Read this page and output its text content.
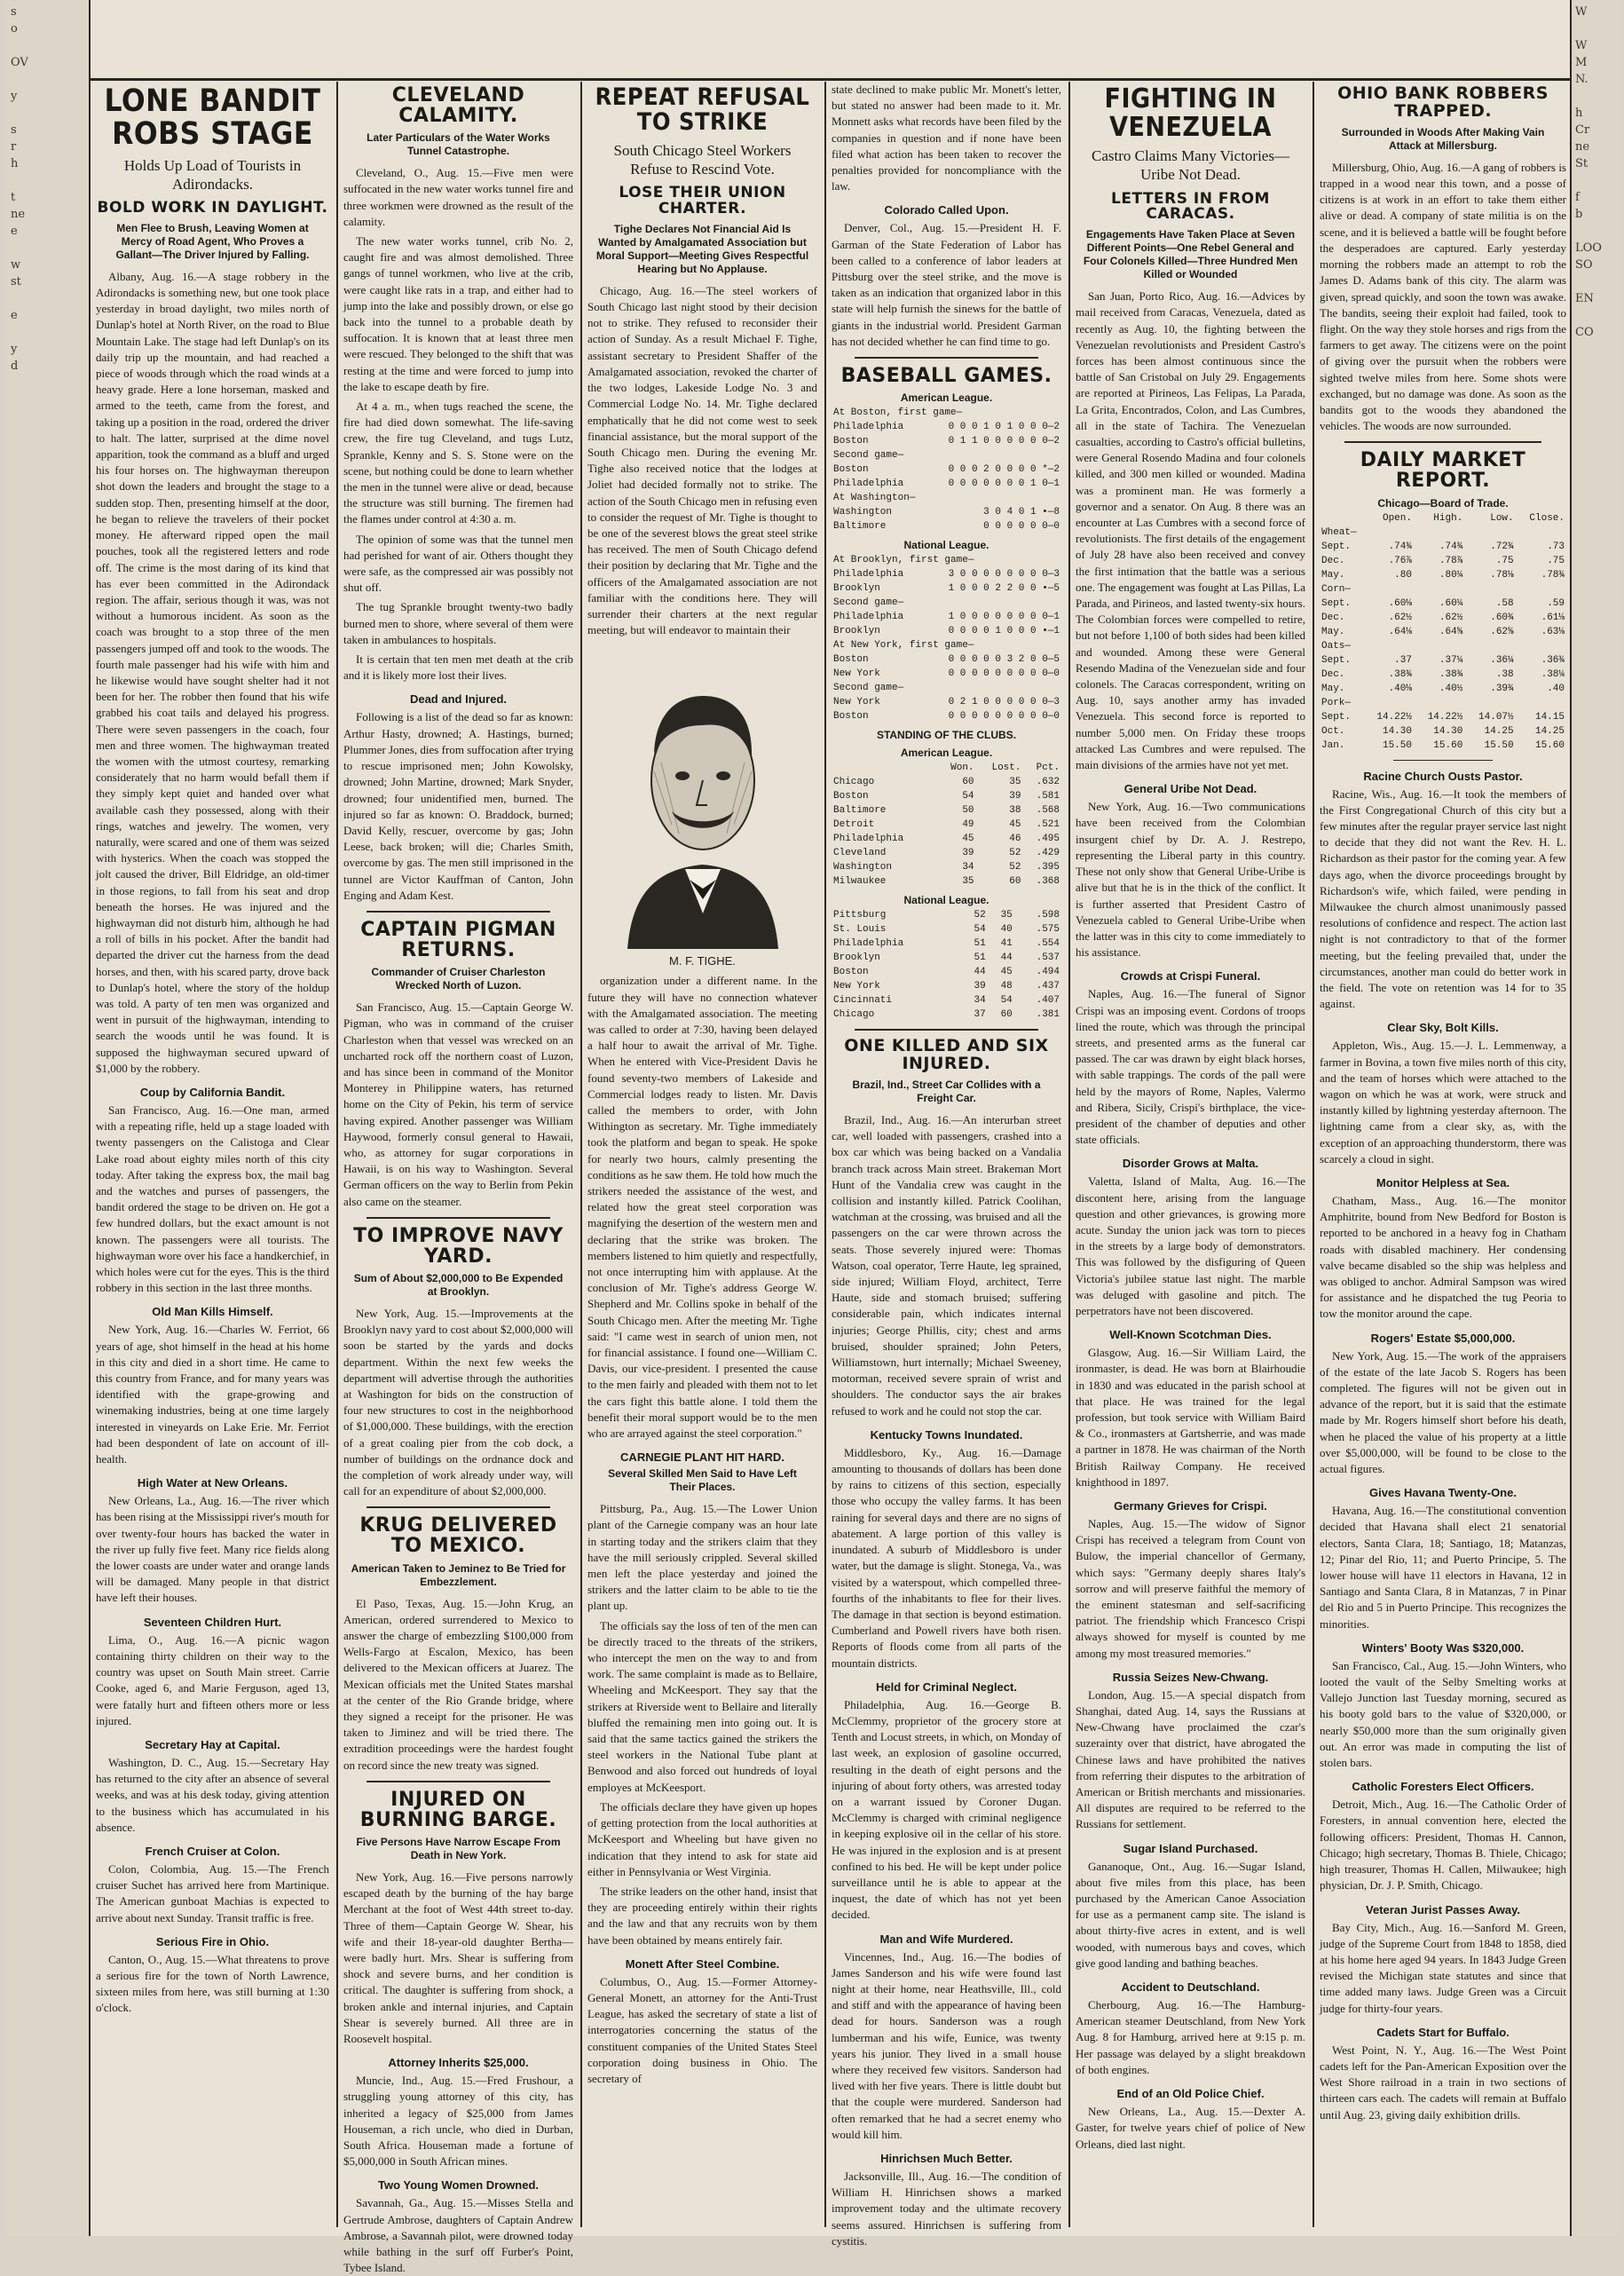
s
o

OV

y

s
r
h

t
ne
e

w
st

e

y
d
W

W
M
N.

h
Cr
ne
St

f
b

LOO
SO

EN

CO
LONE BANDIT ROBS STAGE
Holds Up Load of Tourists in Adirondacks.
BOLD WORK IN DAYLIGHT.
Men Flee to Brush, Leaving Women at Mercy of Road Agent, Who Proves a Gallant—The Driver Injured by Falling.

Albany, Aug. 16.—A stage robbery in the Adirondacks is something new, but one took place yesterday in broad daylight, two miles north of Dunlap's hotel at North River, on the road to Blue Mountain Lake. The stage had left Dunlap's on its daily trip up the mountain, and had reached a piece of woods through which the road winds at a heavy grade. Here a lone horseman, masked and armed to the teeth, came from the forest, and taking up a position in the road, ordered the driver to halt. The latter, surprised at the dime novel apparition, took the command as a bluff and urged his four horses on. The highwayman thereupon shot down the leaders and brought the stage to a sudden stop. Then, presenting himself at the door, he began to relieve the travelers of their pocket money. He afterward ripped open the mail pouches, took all the registered letters and rode off. The crime is the most daring of its kind that has ever been committed in the Adirondack region. The affair, serious though it was, was not without a humorous incident. As soon as the coach was brought to a stop three of the men passengers jumped off and took to the woods. The fourth male passenger had his wife with him and he likewise would have sought shelter had it not been for her. The robber then found that his wife grabbed his coat tails and delayed his progress. There were seven passengers in the coach, four men and three women. The highwayman treated the women with the utmost courtesy, remarking considerately that no harm would befall them if they simply kept quiet and handed over what available cash they possessed, along with their rings, watches and jewelry. The women, very naturally, were scared and one of them was seized with hysterics. When the coach was stopped the jolt caused the driver, Bill Eldridge, an old-timer in those regions, to fall from his seat and drop beneath the horses. He was injured and the highwayman did not disturb him, although he had a roll of bills in his pocket. After the bandit had departed the driver cut the harness from the dead horses, and then, with his scared party, drove back to Dunlap's hotel, where the story of the holdup was told. A party of ten men was organized and went in pursuit of the highwayman, intending to search the woods until he was found. It is supposed the highwayman secured upward of $1,000 by the robbery.

Coup by California Bandit.

San Francisco, Aug. 16.—One man, armed with a repeating rifle, held up a stage loaded with twenty passengers on the Calistoga and Clear Lake road about eighty miles north of this city today. After taking the express box, the mail bag and the watches and purses of passengers, the bandit ordered the stage to be driven on. He got a few hundred dollars, but the exact amount is not known. The passengers were all tourists. The highwayman wore over his face a handkerchief, in which holes were cut for the eyes. This is the third robbery in this section in the last three months.

Old Man Kills Himself.

New York, Aug. 16.—Charles W. Ferriot, 66 years of age, shot himself in the head at his home in this city and died in a short time. He came to this country from France, and for many years was identified with the grape-growing and winemaking industries, being at one time largely interested in vineyards on Lake Erie. Mr. Ferriot had been despondent of late on account of ill-health.

High Water at New Orleans.

New Orleans, La., Aug. 16.—The river which has been rising at the Mississippi river's mouth for over twenty-four hours has backed the water in the river up fully five feet. Many rice fields along the lower coasts are under water and orange lands will be damaged. Many people in that district have left their houses.

Seventeen Children Hurt.

Lima, O., Aug. 16.—A picnic wagon containing thirty children on their way to the country was upset on South Main street. Carrie Cooke, aged 6, and Marie Ferguson, aged 13, were fatally hurt and fifteen others more or less injured.

Secretary Hay at Capital.

Washington, D. C., Aug. 15.—Secretary Hay has returned to the city after an absence of several weeks, and was at his desk today, giving attention to the business which has accumulated in his absence.

French Cruiser at Colon.

Colon, Colombia, Aug. 15.—The French cruiser Suchet has arrived here from Martinique. The American gunboat Machias is expected to arrive about next Sunday. Transit traffic is free.

Serious Fire in Ohio.

Canton, O., Aug. 15.—What threatens to prove a serious fire for the town of North Lawrence, sixteen miles from here, was still burning at 1:30 o'clock.

CLEVELAND CALAMITY.
Later Particulars of the Water Works Tunnel Catastrophe.

Cleveland, O., Aug. 15.—Five men were suffocated in the new water works tunnel fire and three workmen were drowned as the result of the calamity.

The new water works tunnel, crib No. 2, caught fire and was almost demolished. Three gangs of tunnel workmen, who live at the crib, were caught like rats in a trap, and either had to jump into the lake and possibly drown, or else go back into the tunnel to a probable death by suffocation. It is known that at least three men were rescued. They belonged to the shift that was resting at the time and were forced to jump into the lake to escape death by fire.

At 4 a. m., when tugs reached the scene, the fire had died down somewhat. The life-saving crew, the fire tug Cleveland, and tugs Lutz, Sprankle, Kenny and S. S. Stone were on the scene, but nothing could be done to learn whether the men in the tunnel were alive or dead, because the structure was still burning. The firemen had the flames under control at 4:30 a. m.

The opinion of some was that the tunnel men had perished for want of air. Others thought they were safe, as the compressed air was possibly not shut off.

The tug Sprankle brought twenty-two badly burned men to shore, where several of them were taken in ambulances to hospitals.

It is certain that ten men met death at the crib and it is likely more lost their lives.

Dead and Injured.

Following is a list of the dead so far as known: Arthur Hasty, drowned; A. Hastings, burned; Plummer Jones, dies from suffocation after trying to rescue imprisoned men; John Kowolsky, drowned; John Martine, drowned; Mark Snyder, drowned; four unidentified men, burned. The injured so far as known: O. Braddock, burned; David Kelly, rescuer, overcome by gas; John Leese, back broken; will die; Charles Smith, overcome by gas. The men still imprisoned in the tunnel are Victor Kauffman of Canton, John Enging and Adam Kest.

CAPTAIN PIGMAN RETURNS.
Commander of Cruiser Charleston Wrecked North of Luzon.

San Francisco, Aug. 15.—Captain George W. Pigman, who was in command of the cruiser Charleston when that vessel was wrecked on an uncharted rock off the northern coast of Luzon, and has since been in command of the Monitor Monterey in Philippine waters, has returned home on the City of Pekin, his term of service having expired. Another passenger was William Haywood, formerly consul general to Hawaii, who, as attorney for sugar corporations in Hawaii, is on his way to Washington. Several German officers on the way to Berlin from Pekin also came on the steamer.

TO IMPROVE NAVY YARD.
Sum of About $2,000,000 to Be Expended at Brooklyn.

New York, Aug. 15.—Improvements at the Brooklyn navy yard to cost about $2,000,000 will soon be started by the yards and docks department. Within the next few weeks the department will advertise through the authorities at Washington for bids on the construction of four new structures to cost in the neighborhood of $1,000,000. These buildings, with the erection of a great coaling pier from the cob dock, a number of buildings on the ordnance dock and the completion of work already under way, will call for an expenditure of about $2,000,000.

KRUG DELIVERED TO MEXICO.
American Taken to Jeminez to Be Tried for Embezzlement.

El Paso, Texas, Aug. 15.—John Krug, an American, ordered surrendered to Mexico to answer the charge of embezzling $100,000 from Wells-Fargo at Escalon, Mexico, has been delivered to the Mexican officers at Juarez. The Mexican officials met the United States marshal at the center of the Rio Grande bridge, where they signed a receipt for the prisoner. He was taken to Jiminez and will be tried there. The extradition proceedings were the hardest fought on record since the new treaty was signed.

INJURED ON BURNING BARGE.
Five Persons Have Narrow Escape From Death in New York.

New York, Aug. 16.—Five persons narrowly escaped death by the burning of the hay barge Merchant at the foot of West 44th street to-day. Three of them—Captain George W. Shear, his wife and their 18-year-old daughter Bertha—were badly hurt. Mrs. Shear is suffering from shock and severe burns, and her condition is critical. The daughter is suffering from shock, a broken ankle and internal injuries, and Captain Shear is severely burned. All three are in Roosevelt hospital.

Attorney Inherits $25,000.

Muncie, Ind., Aug. 15.—Fred Frushour, a struggling young attorney of this city, has inherited a legacy of $25,000 from James Houseman, a rich uncle, who died in Durban, South Africa. Houseman made a fortune of $5,000,000 in South African mines.

Two Young Women Drowned.

Savannah, Ga., Aug. 15.—Misses Stella and Gertrude Ambrose, daughters of Captain Andrew Ambrose, a Savannah pilot, were drowned today while bathing in the surf off Furber's Point, Tybee Island.

REPEAT REFUSAL TO STRIKE
South Chicago Steel Workers Refuse to Rescind Vote.
LOSE THEIR UNION CHARTER.
Tighe Declares Not Financial Aid Is Wanted by Amalgamated Association but Moral Support—Meeting Gives Respectful Hearing but No Applause.

Chicago, Aug. 16.—The steel workers of South Chicago last night stood by their decision not to strike. They refused to reconsider their action of Sunday. As a result Michael F. Tighe, assistant secretary to President Shaffer of the Amalgamated association, revoked the charter of the two lodges, Lakeside Lodge No. 3 and Commercial Lodge No. 14. Mr. Tighe declared emphatically that he did not come west to seek financial assistance, but the moral support of the South Chicago men. During the evening Mr. Tighe also received notice that the lodges at Joliet had decided formally not to strike. The action of the South Chicago men in refusing even to consider the request of Mr. Tighe is thought to be one of the severest blows the great steel strike has received. The men of South Chicago defend their position by declaring that Mr. Tighe and the officers of the Amalgamated association are not familiar with the conditions here. They will surrender their charters at the next regular meeting, but will endeavor to maintain their

M. F. TIGHE.

organization under a different name. In the future they will have no connection whatever with the Amalgamated association. The meeting was called to order at 7:30, having been delayed a half hour to await the arrival of Mr. Tighe. When he entered with Vice-President Davis he found seventy-two members of Lakeside and Commercial lodges ready to listen. Mr. Davis called the members to order, with John Withington as secretary. Mr. Tighe immediately took the platform and began to speak. He spoke for nearly two hours, calmly presenting the conditions as he saw them. He told how much the strikers needed the assistance of the west, and related how the great steel corporation was magnifying the desertion of the western men and declaring that the strike was broken. The members listened to him quietly and respectfully, not once interrupting him with applause. At the conclusion of Mr. Tighe's address George W. Shepherd and Mr. Collins spoke in behalf of the South Chicago men. After the meeting Mr. Tighe said: "I came west in search of union men, not for financial assistance. I found one—William C. Davis, our vice-president. I presented the cause to the men fairly and pleaded with them not to let the cars fight this battle alone. I told them the benefit their moral support would be to the men who are arrayed against the steel corporation."

CARNEGIE PLANT HIT HARD.
Several Skilled Men Said to Have Left Their Places.

Pittsburg, Pa., Aug. 15.—The Lower Union plant of the Carnegie company was an hour late in starting today and the strikers claim that they have the mill seriously crippled. Several skilled men left the place yesterday and joined the strikers and the latter claim to be able to tie the plant up.

The officials say the loss of ten of the men can be directly traced to the threats of the strikers, who intercept the men on the way to and from work. The same complaint is made as to Bellaire, Wheeling and McKeesport. They say that the strikers at Riverside went to Bellaire and literally bluffed the remaining men into going out. It is said that the same tactics gained the strikers the steel workers in the National Tube plant at Benwood and also forced out hundreds of loyal employes at McKeesport.

The officials declare they have given up hopes of getting protection from the local authorities at McKeesport and Wheeling but have given no indication that they intend to ask for state aid either in Pennsylvania or West Virginia.

The strike leaders on the other hand, insist that they are proceeding entirely within their rights and the law and that any recruits won by them have been obtained by means entirely fair.

Monett After Steel Combine.

Columbus, O., Aug. 15.—Former Attorney-General Monett, an attorney for the Anti-Trust League, has asked the secretary of state a list of interrogatories concerning the status of the constituent companies of the United States Steel corporation doing business in Ohio. The secretary of

state declined to make public Mr. Monett's letter, but stated no answer had been made to it. Mr. Monnett asks what records have been filed by the companies in question and if none have been filed what action has been taken to recover the penalties provided for noncompliance with the law.

Colorado Called Upon.

Denver, Col., Aug. 15.—President H. F. Garman of the State Federation of Labor has been called to a conference of labor leaders at Pittsburg over the steel strike, and the move is taken as an indication that organized labor in this state will help furnish the sinews for the battle of giants in the industrial world. President Garman has not decided whether he can find time to go.

BASEBALL GAMES.
American League.
At Boston, first game—	
Philadelphia	0 0 0 1 0 1 0 0 0—2
Boston	0 1 1 0 0 0 0 0 0—2
Second game—	
Boston	0 0 0 2 0 0 0 0 *—2
Philadelphia	0 0 0 0 0 0 0 1 0—1
At Washington—	
Washington	3 0 4 0 1 •—8
Baltimore	0 0 0 0 0 0—0
National League.
At Brooklyn, first game—	
Philadelphia	3 0 0 0 0 0 0 0 0—3
Brooklyn	1 0 0 0 2 2 0 0 •—5
Second game—	
Philadelphia	1 0 0 0 0 0 0 0 0—1
Brooklyn	0 0 0 0 1 0 0 0 •—1
At New York, first game—	
Boston	0 0 0 0 0 3 2 0 0—5
New York	0 0 0 0 0 0 0 0 0—0
Second game—	
New York	0 2 1 0 0 0 0 0 0—3
Boston	0 0 0 0 0 0 0 0 0—0
STANDING OF THE CLUBS.
American League.
	Won.	Lost.	Pct.
Chicago	60	35	.632
Boston	54	39	.581
Baltimore	50	38	.568
Detroit	49	45	.521
Philadelphia	45	46	.495
Cleveland	39	52	.429
Washington	34	52	.395
Milwaukee	35	60	.368
National League.
Pittsburg	52	35	.598
St. Louis	54	40	.575
Philadelphia	51	41	.554
Brooklyn	51	44	.537
Boston	44	45	.494
New York	39	48	.437
Cincinnati	34	54	.407
Chicago	37	60	.381
ONE KILLED AND SIX INJURED.
Brazil, Ind., Street Car Collides with a Freight Car.

Brazil, Ind., Aug. 16.—An interurban street car, well loaded with passengers, crashed into a box car which was being backed on a Vandalia branch track across Main street. Brakeman Mort Hunt of the Vandalia crew was caught in the collision and instantly killed. Patrick Coolihan, watchman at the crossing, was bruised and all the passengers on the car were thrown across the seats. Those severely injured were: Thomas Watson, coal operator, Terre Haute, leg sprained, side injured; William Floyd, architect, Terre Haute, side and stomach bruised; suffering considerable pain, which indicates internal injuries; George Phillis, city; chest and arms bruised, shoulder sprained; John Peters, Williamstown, hurt internally; Michael Sweeney, motorman, received severe sprain of wrist and shoulders. The conductor says the air brakes refused to work and he could not stop the car.

Kentucky Towns Inundated.

Middlesboro, Ky., Aug. 16.—Damage amounting to thousands of dollars has been done by rains to citizens of this section, especially those who occupy the valley farms. It has been raining for several days and there are no signs of abatement. A large portion of this valley is inundated. A suburb of Middlesboro is under water, but the damage is slight. Stonega, Va., was visited by a waterspout, which compelled three-fourths of the inhabitants to flee for their lives. The damage in that section is beyond estimation. Cumberland and Powell rivers have both risen. Reports of floods come from all parts of the mountain districts.

Held for Criminal Neglect.

Philadelphia, Aug. 16.—George B. McClemmy, proprietor of the grocery store at Tenth and Locust streets, in which, on Monday of last week, an explosion of gasoline occurred, resulting in the death of eight persons and the injuring of about forty others, was arrested today on a warrant issued by Coroner Dugan. McClemmy is charged with criminal negligence in keeping explosive oil in the cellar of his store. He was injured in the explosion and is at present confined to his bed. He will be kept under police surveillance until he is able to appear at the inquest, the date of which has not yet been decided.

Man and Wife Murdered.

Vincennes, Ind., Aug. 16.—The bodies of James Sanderson and his wife were found last night at their home, near Heathsville, Ill., cold and stiff and with the appearance of having been dead for hours. Sanderson was a rough lumberman and his wife, Eunice, was twenty years his junior. They lived in a small house where they received few visitors. Sanderson had lived with her five years. There is little doubt but that the couple were murdered. Sanderson had often remarked that he had a secret enemy who would kill him.

Hinrichsen Much Better.

Jacksonville, Ill., Aug. 16.—The condition of William H. Hinrichsen shows a marked improvement today and the ultimate recovery seems assured. Hinrichsen is suffering from cystitis.

FIGHTING IN VENEZUELA
Castro Claims Many Victories—Uribe Not Dead.
LETTERS IN FROM CARACAS.
Engagements Have Taken Place at Seven Different Points—One Rebel General and Four Colonels Killed—Three Hundred Men Killed or Wounded

San Juan, Porto Rico, Aug. 16.—Advices by mail received from Caracas, Venezuela, dated as recently as Aug. 10, the fighting between the Venezuelan revolutionists and President Castro's forces has been almost continuous since the battle of San Cristobal on July 29. Engagements are reported at Pirineos, Las Felipas, La Parada, La Grita, Encontrados, Colon, and Las Cumbres, all in the state of Tachira. The Venezuelan casualties, according to Castro's official bulletins, were General Rosendo Madina and four colonels killed, and 300 men killed or wounded. Madina was a prominent man. He was formerly a governor and a senator. On Aug. 8 there was an encounter at Las Cumbres with a second force of revolutionists. The first details of the engagement of July 28 have also been received and convey the first intimation that the battle was a serious one. The engagement was fought at Las Pillas, La Parada, and Pirineos, and lasted twenty-six hours. The Colombian forces were compelled to retire, but not before 1,100 of both sides had been killed and wounded. Among these were General Resendo Madina of the Venezuelan side and four colonels. The Caracas correspondent, writing on Aug. 10, says another army has invaded Venezuela. This second force is reported to number 5,000 men. On Friday these troops attacked Las Cumbres and were repulsed. The main divisions of the armies have not yet met.

General Uribe Not Dead.

New York, Aug. 16.—Two communications have been received from the Colombian insurgent chief by Dr. A. J. Restrepo, representing the Liberal party in this country. These not only show that General Uribe-Uribe is alive but that he is in the thick of the conflict. It is further asserted that President Castro of Venezuela cabled to General Uribe-Uribe when the latter was in this city to come immediately to his assistance.

Crowds at Crispi Funeral.

Naples, Aug. 16.—The funeral of Signor Crispi was an imposing event. Cordons of troops lined the route, which was through the principal streets, and presented arms as the funeral car passed. The car was drawn by eight black horses, with sable trappings. The cords of the pall were held by the mayors of Rome, Naples, Valermo and Ribera, Sicily, Crispi's birthplace, the vice-president of the chamber of deputies and other state officials.

Disorder Grows at Malta.

Valetta, Island of Malta, Aug. 16.—The discontent here, arising from the language question and other grievances, is growing more acute. Sunday the union jack was torn to pieces in the streets by a large body of demonstrators. This was followed by the disfiguring of Queen Victoria's jubilee statue last night. The marble was deluged with gasoline and pitch. The perpetrators have not been discovered.

Well-Known Scotchman Dies.

Glasgow, Aug. 16.—Sir William Laird, the ironmaster, is dead. He was born at Blairhoudie in 1830 and was educated in the parish school at that place. He was trained for the legal profession, but took service with William Baird & Co., ironmasters at Gartsherrie, and was made a partner in 1878. He was chairman of the North British Railway Company. He received knighthood in 1897.

Germany Grieves for Crispi.

Naples, Aug. 15.—The widow of Signor Crispi has received a telegram from Count von Bulow, the imperial chancellor of Germany, which says: "Germany deeply shares Italy's sorrow and will preserve faithful the memory of the eminent statesman and self-sacrificing patriot. The friendship which Francesco Crispi always showed for myself is counted by me among my most treasured memories."

Russia Seizes New-Chwang.

London, Aug. 15.—A special dispatch from Shanghai, dated Aug. 14, says the Russians at New-Chwang have proclaimed the czar's suzerainty over that district, have abrogated the Chinese laws and have prohibited the natives from referring their disputes to the arbitration of American or British merchants and missionaries. All disputes are required to be referred to the Russians for settlement.

Sugar Island Purchased.

Gananoque, Ont., Aug. 16.—Sugar Island, about five miles from this place, has been purchased by the American Canoe Association for use as a permanent camp site. The island is about thirty-five acres in extent, and is well wooded, with numerous bays and coves, which give good landing and bathing beaches.

Accident to Deutschland.

Cherbourg, Aug. 16.—The Hamburg-American steamer Deutschland, from New York Aug. 8 for Hamburg, arrived here at 9:15 p. m. Her passage was delayed by a slight breakdown of both engines.

End of an Old Police Chief.

New Orleans, La., Aug. 15.—Dexter A. Gaster, for twelve years chief of police of New Orleans, died last night.

OHIO BANK ROBBERS TRAPPED.
Surrounded in Woods After Making Vain Attack at Millersburg.

Millersburg, Ohio, Aug. 16.—A gang of robbers is trapped in a wood near this town, and a posse of citizens is at work in an effort to take them either alive or dead. A company of state militia is on the scene, and it is believed a battle will be fought before the desperadoes are captured. Early yesterday morning the robbers made an attempt to rob the James D. Adams bank of this city. The alarm was given, spread quickly, and soon the town was awake. The bandits, seeing their exploit had failed, took to flight. On the way they stole horses and rigs from the farmers to get away. The citizens were on the point of giving over the pursuit when the robbers were sighted twelve miles from here. Some shots were exchanged, but no damage was done. As soon as the bandits got to the woods they abandoned the vehicles. The woods are now surrounded.

DAILY MARKET REPORT.
Chicago—Board of Trade.
	Open.	High.	Low.	Close.
Wheat—				
Sept.	.74¾	.74¾	.72¾	.73
Dec.	.76⅞	.78⅞	.75	.75
May.	.80	.80¼	.78⅛	.78¾
Corn—				
Sept.	.60⅛	.60¼	.58	.59
Dec.	.62½	.62½	.60¾	.61⅛
May.	.64⅛	.64⅝	.62⅝	.63⅛
Oats—				
Sept.	.37	.37¼	.36¼	.36¾
Dec.	.38¾	.38¾	.38	.38¼
May.	.40⅛	.40½	.39¾	.40
Pork—				
Sept.	14.22½	14.22½	14.07½	14.15
Oct.	14.30	14.30	14.25	14.25
Jan.	15.50	15.60	15.50	15.60
Racine Church Ousts Pastor.

Racine, Wis., Aug. 16.—It took the members of the First Congregational Church of this city but a few minutes after the regular prayer service last night to decide that they did not want the Rev. H. L. Richardson as their pastor for the coming year. A few days ago, when the divorce proceedings brought by Richardson's wife, which failed, were pending in Milwaukee the church almost unanimously passed resolutions of confidence and respect. The action last night is not contradictory to that of the former meeting, but the feeling prevailed that, under the circumstances, another man could do better work in the field. The vote on retention was 14 for to 35 against.

Clear Sky, Bolt Kills.

Appleton, Wis., Aug. 15.—J. L. Lemmenway, a farmer in Bovina, a town five miles north of this city, and the team of horses which were attached to the wagon on which he was at work, were struck and instantly killed by lightning yesterday afternoon. The lightning came from a clear sky, as, with the exception of an approaching thunderstorm, there was scarcely a cloud in sight.

Monitor Helpless at Sea.

Chatham, Mass., Aug. 16.—The monitor Amphitrite, bound from New Bedford for Boston is reported to be anchored in a heavy fog in Chatham roads with disabled machinery. Her condensing valve became disabled so the ship was helpless and was obliged to anchor. Admiral Sampson was wired for assistance and he dispatched the tug Peoria to tow the monitor around the cape.

Rogers' Estate $5,000,000.

New York, Aug. 15.—The work of the appraisers of the estate of the late Jacob S. Rogers has been completed. The figures will not be given out in advance of the report, but it is said that the estimate made by Mr. Rogers himself short before his death, when he placed the value of his property at a little over $5,000,000, will be found to be close to the actual figures.

Gives Havana Twenty-One.

Havana, Aug. 16.—The constitutional convention decided that Havana shall elect 21 senatorial electors, Santa Clara, 18; Santiago, 18; Matanzas, 12; Pinar del Rio, 11; and Puerto Principe, 5. The lower house will have 11 electors in Havana, 12 in Santiago and Santa Clara, 8 in Matanzas, 7 in Pinar del Rio and 5 in Puerto Principe. This recognizes the minorities.

Winters' Booty Was $320,000.

San Francisco, Cal., Aug. 15.—John Winters, who looted the vault of the Selby Smelting works at Vallejo Junction last Tuesday morning, secured as his booty gold bars to the value of $320,000, or nearly $50,000 more than the sum originally given out. An error was made in computing the list of stolen bars.

Catholic Foresters Elect Officers.

Detroit, Mich., Aug. 16.—The Catholic Order of Foresters, in annual convention here, elected the following officers: President, Thomas H. Cannon, Chicago; high secretary, Thomas B. Thiele, Chicago; high treasurer, Thomas H. Callen, Milwaukee; high physician, Dr. J. P. Smith, Chicago.

Veteran Jurist Passes Away.

Bay City, Mich., Aug. 16.—Sanford M. Green, judge of the Supreme Court from 1848 to 1858, died at his home here aged 94 years. In 1843 Judge Green revised the Michigan state statutes and since that time added many laws. Judge Green was a Circuit judge for thirty-four years.

Cadets Start for Buffalo.

West Point, N. Y., Aug. 16.—The West Point cadets left for the Pan-American Exposition over the West Shore railroad in a train in two sections of thirteen cars each. The cadets will remain at Buffalo until Aug. 23, giving daily exhibition drills.
